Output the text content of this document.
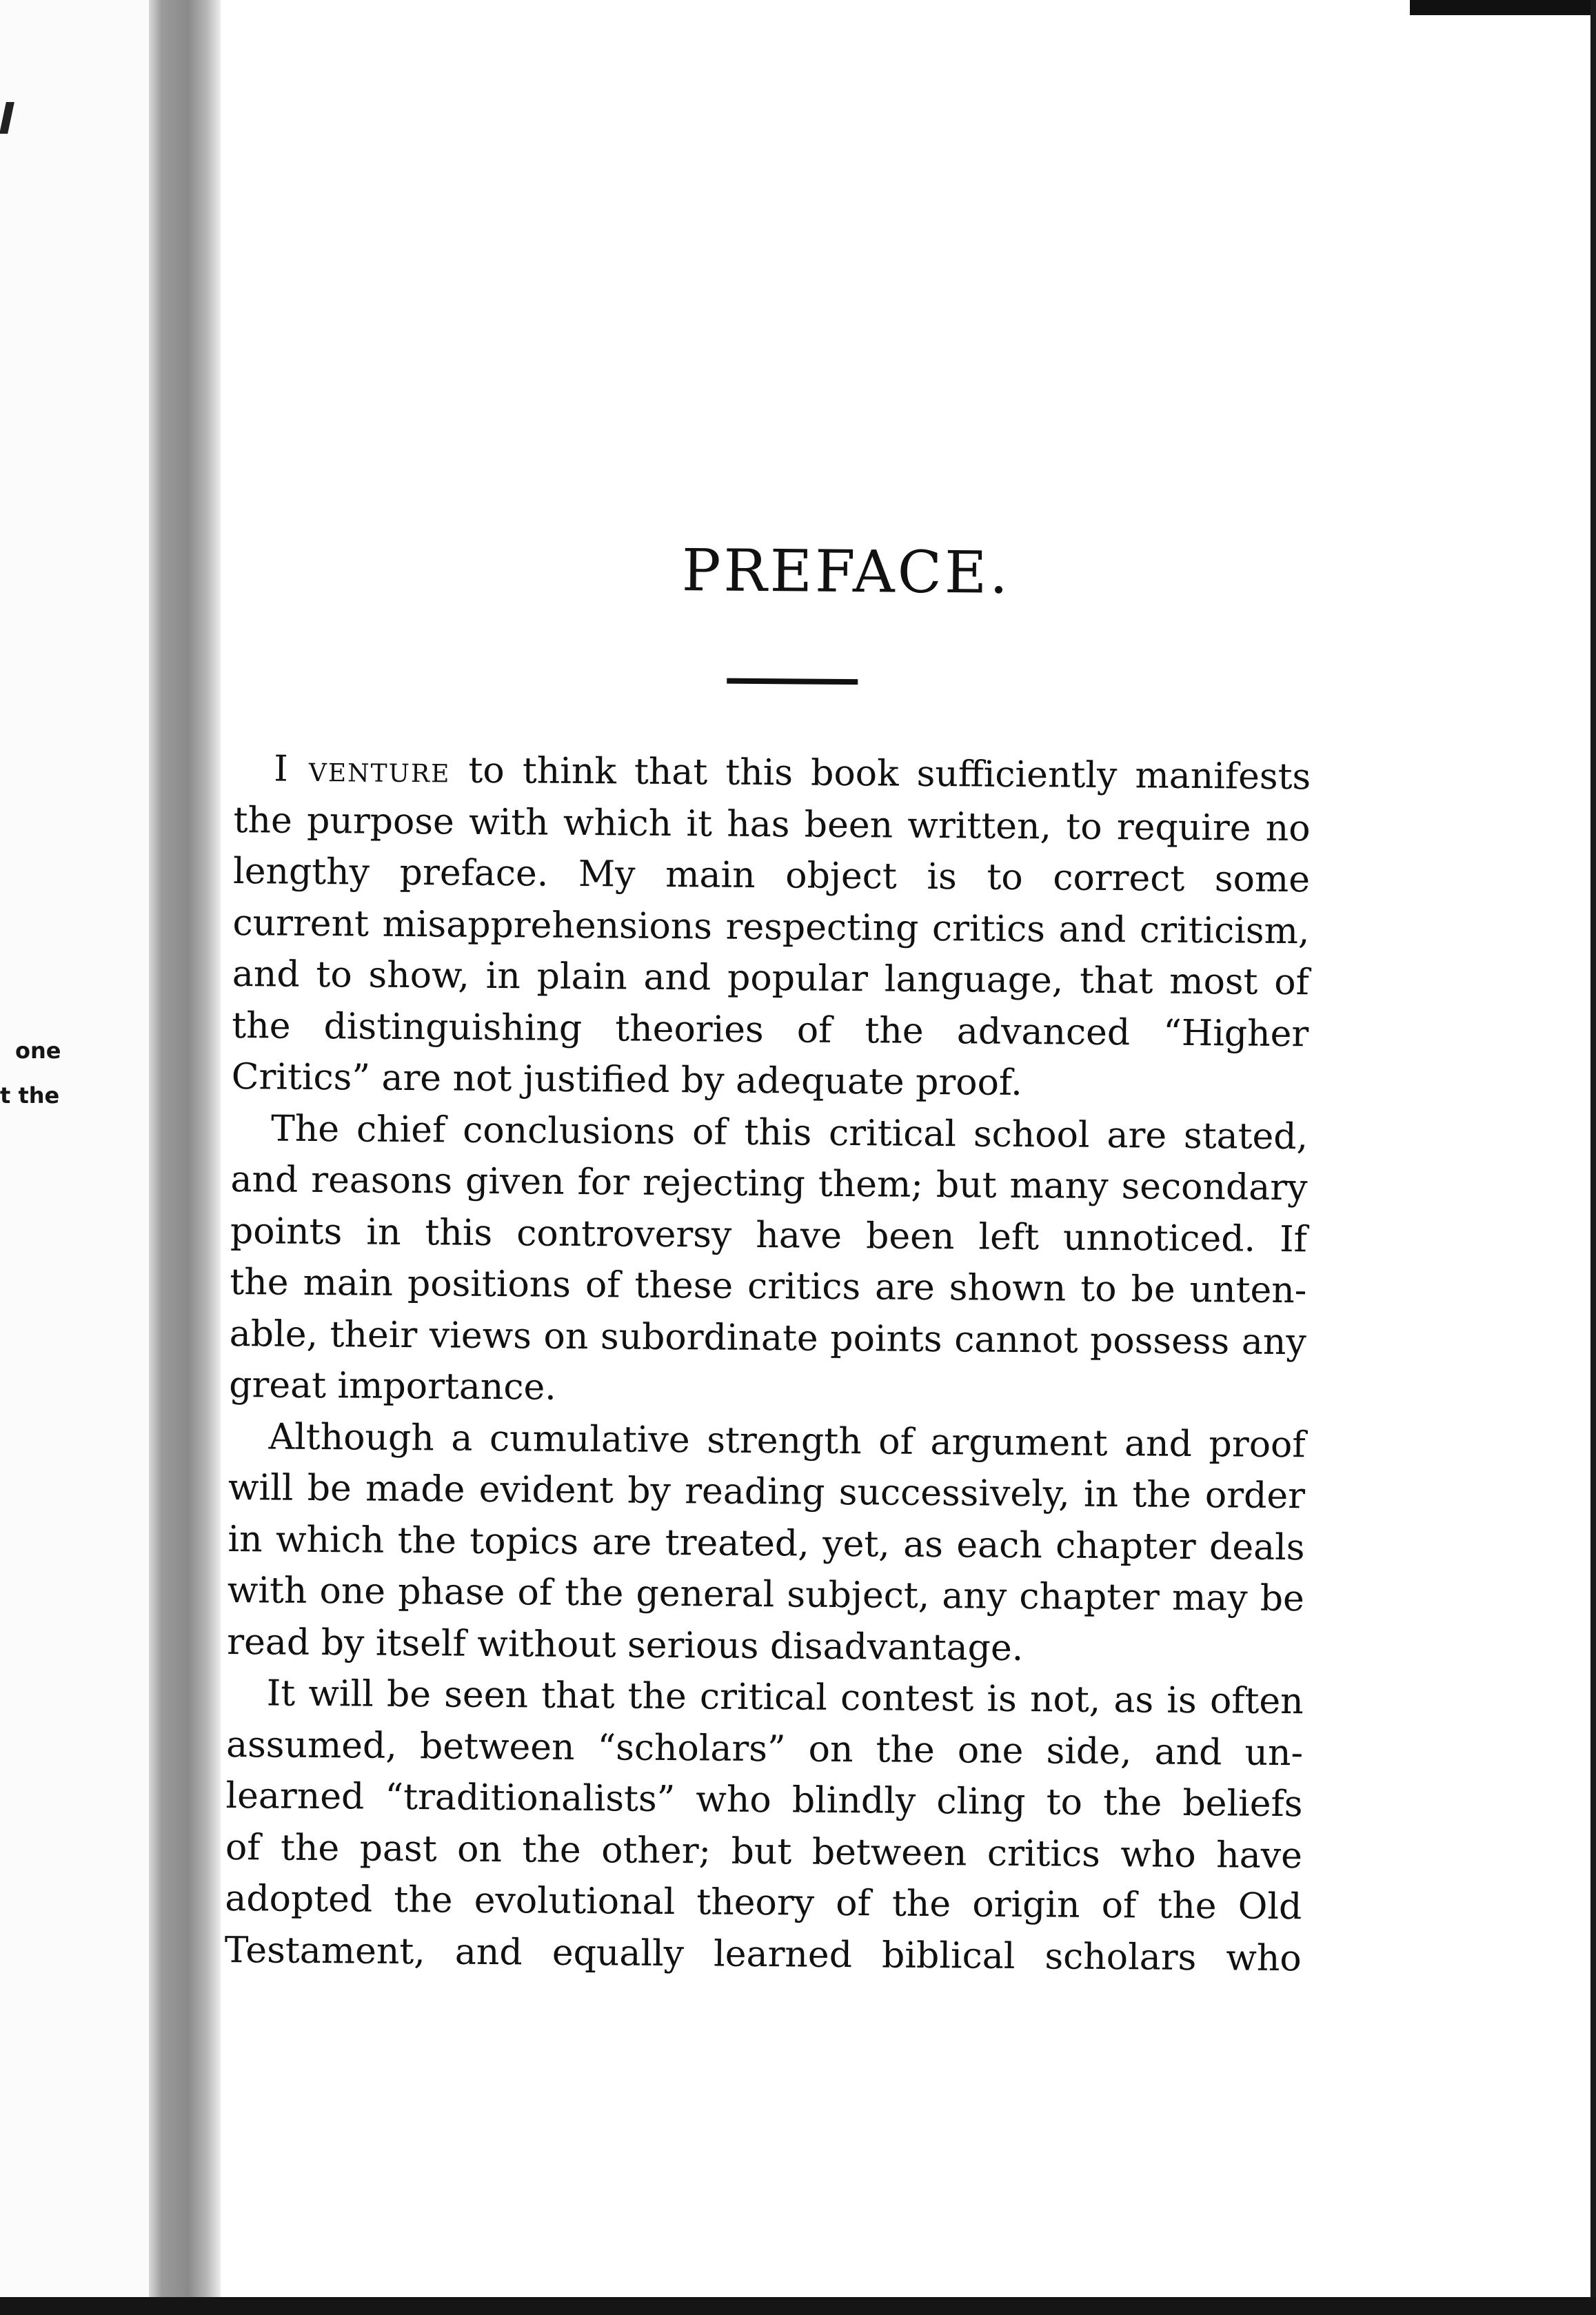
one
t the
PREFACE.
I venture to think that this book sufficiently manifests
the purpose with which it has been written, to require no
lengthy preface. My main object is to correct some
current misapprehensions respecting critics and criticism,
and to show, in plain and popular language, that most of
the distinguishing theories of the advanced “Higher
Critics” are not justified by adequate proof.
The chief conclusions of this critical school are stated,
and reasons given for rejecting them; but many secondary
points in this controversy have been left unnoticed. If
the main positions of these critics are shown to be unten-
able, their views on subordinate points cannot possess any
great importance.
Although a cumulative strength of argument and proof
will be made evident by reading successively, in the order
in which the topics are treated, yet, as each chapter deals
with one phase of the general subject, any chapter may be
read by itself without serious disadvantage.
It will be seen that the critical contest is not, as is often
assumed, between “scholars” on the one side, and un-
learned “traditionalists” who blindly cling to the beliefs
of the past on the other; but between critics who have
adopted the evolutional theory of the origin of the Old
Testament, and equally learned biblical scholars who
